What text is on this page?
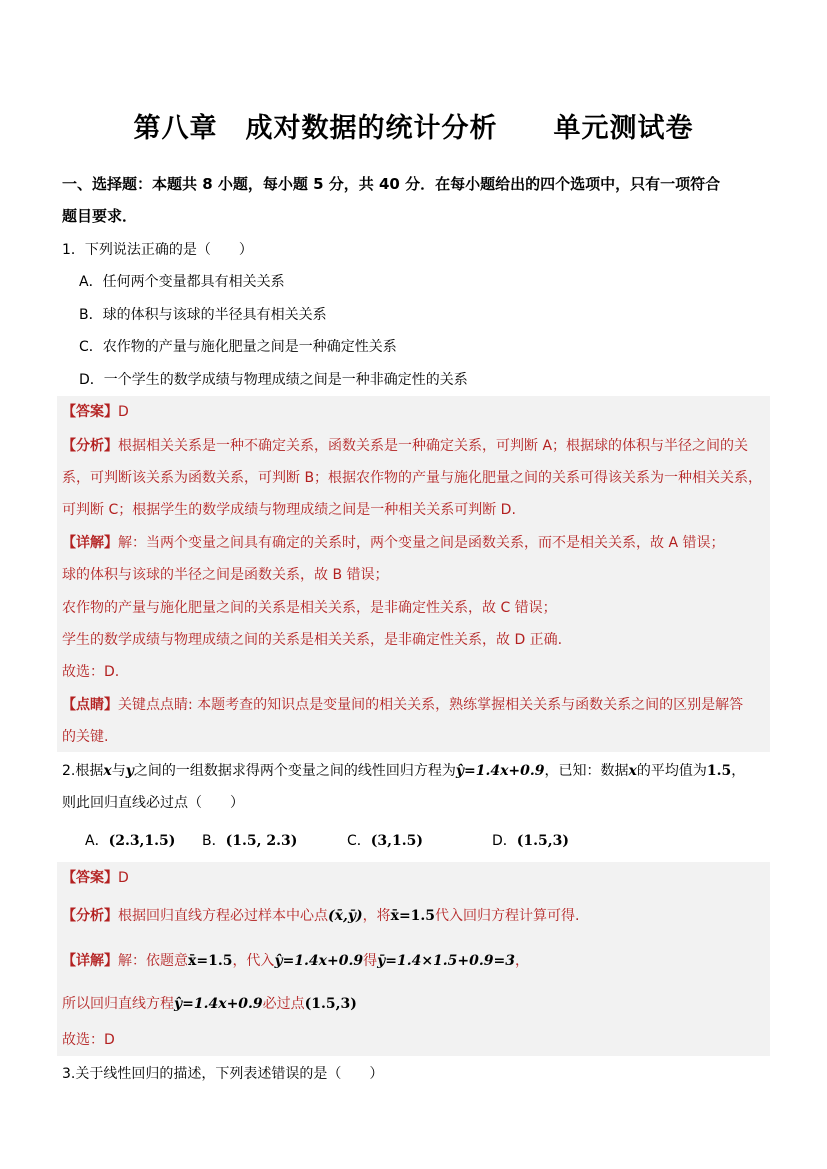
第八章　成对数据的统计分析　　单元测试卷
一、选择题：本题共 8 小题，每小题 5 分，共 40 分．在每小题给出的四个选项中，只有一项符合
题目要求．
1．下列说法正确的是（　　）
A．任何两个变量都具有相关关系
B．球的体积与该球的半径具有相关关系
C．农作物的产量与施化肥量之间是一种确定性关系
D．一个学生的数学成绩与物理成绩之间是一种非确定性的关系
【答案】D
【分析】根据相关关系是一种不确定关系，函数关系是一种确定关系，可判断 A；根据球的体积与半径之间的关
系，可判断该关系为函数关系，可判断 B；根据农作物的产量与施化肥量之间的关系可得该关系为一种相关关系，
可判断 C；根据学生的数学成绩与物理成绩之间是一种相关关系可判断 D.
【详解】解：当两个变量之间具有确定的关系时，两个变量之间是函数关系，而不是相关关系，故 A 错误；
球的体积与该球的半径之间是函数关系，故 B 错误；
农作物的产量与施化肥量之间的关系是相关关系，是非确定性关系，故 C 错误；
学生的数学成绩与物理成绩之间的关系是相关关系，是非确定性关系，故 D 正确.
故选：D.
【点睛】关键点点睛: 本题考查的知识点是变量间的相关关系，熟练掌握相关关系与函数关系之间的区别是解答
的关键.
2.根据x与y之间的一组数据求得两个变量之间的线性回归方程为ŷ=1.4x+0.9，已知：数据x的平均值为1.5，
则此回归直线必过点（　　）
A．(2.3,1.5) B．(1.5, 2.3)	C．(3,1.5)	D．(1.5,3)
【答案】D
【分析】根据回归直线方程必过样本中心点(x̄,ȳ)，将x̄=1.5代入回归方程计算可得.
【详解】解：依题意x̄=1.5，代入ŷ=1.4x+0.9得ȳ=1.4×1.5+0.9=3，
所以回归直线方程ŷ=1.4x+0.9必过点(1.5,3)
故选：D
3.关于线性回归的描述，下列表述错误的是（　　）
